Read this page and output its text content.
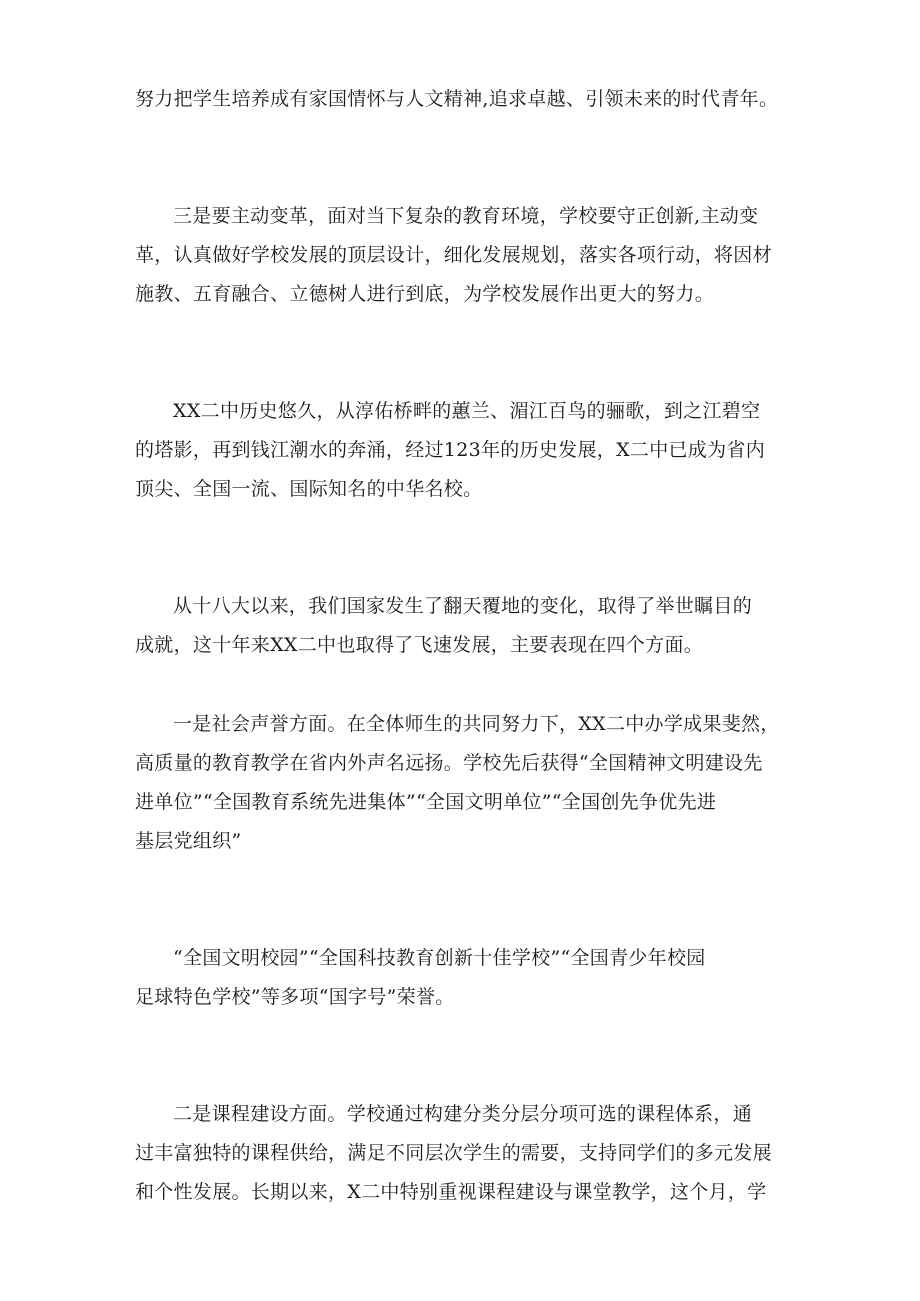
努力把学生培养成有家国情怀与人文精神,追求卓越、引领未来的时代青年。
三是要主动变革，面对当下复杂的教育环境，学校要守正创新,主动变
革，认真做好学校发展的顶层设计，细化发展规划，落实各项行动，将因材
施教、五育融合、立德树人进行到底，为学校发展作出更大的努力。
XX二中历史悠久，从淳佑桥畔的蕙兰、湄江百鸟的骊歌，到之江碧空
的塔影，再到钱江潮水的奔涌，经过123年的历史发展，X二中已成为省内
顶尖、全国一流、国际知名的中华名校。
从十八大以来，我们国家发生了翻天覆地的变化，取得了举世瞩目的
成就，这十年来XX二中也取得了飞速发展，主要表现在四个方面。
一是社会声誉方面。在全体师生的共同努力下，XX二中办学成果斐然，
高质量的教育教学在省内外声名远扬。学校先后获得“全国精神文明建设先
进单位”“全国教育系统先进集体”“全国文明单位”“全国创先争优先进
基层党组织”
“全国文明校园”“全国科技教育创新十佳学校”“全国青少年校园
足球特色学校”等多项“国字号”荣誉。
二是课程建设方面。学校通过构建分类分层分项可选的课程体系，通
过丰富独特的课程供给，满足不同层次学生的需要，支持同学们的多元发展
和个性发展。长期以来，X二中特别重视课程建设与课堂教学，这个月，学
